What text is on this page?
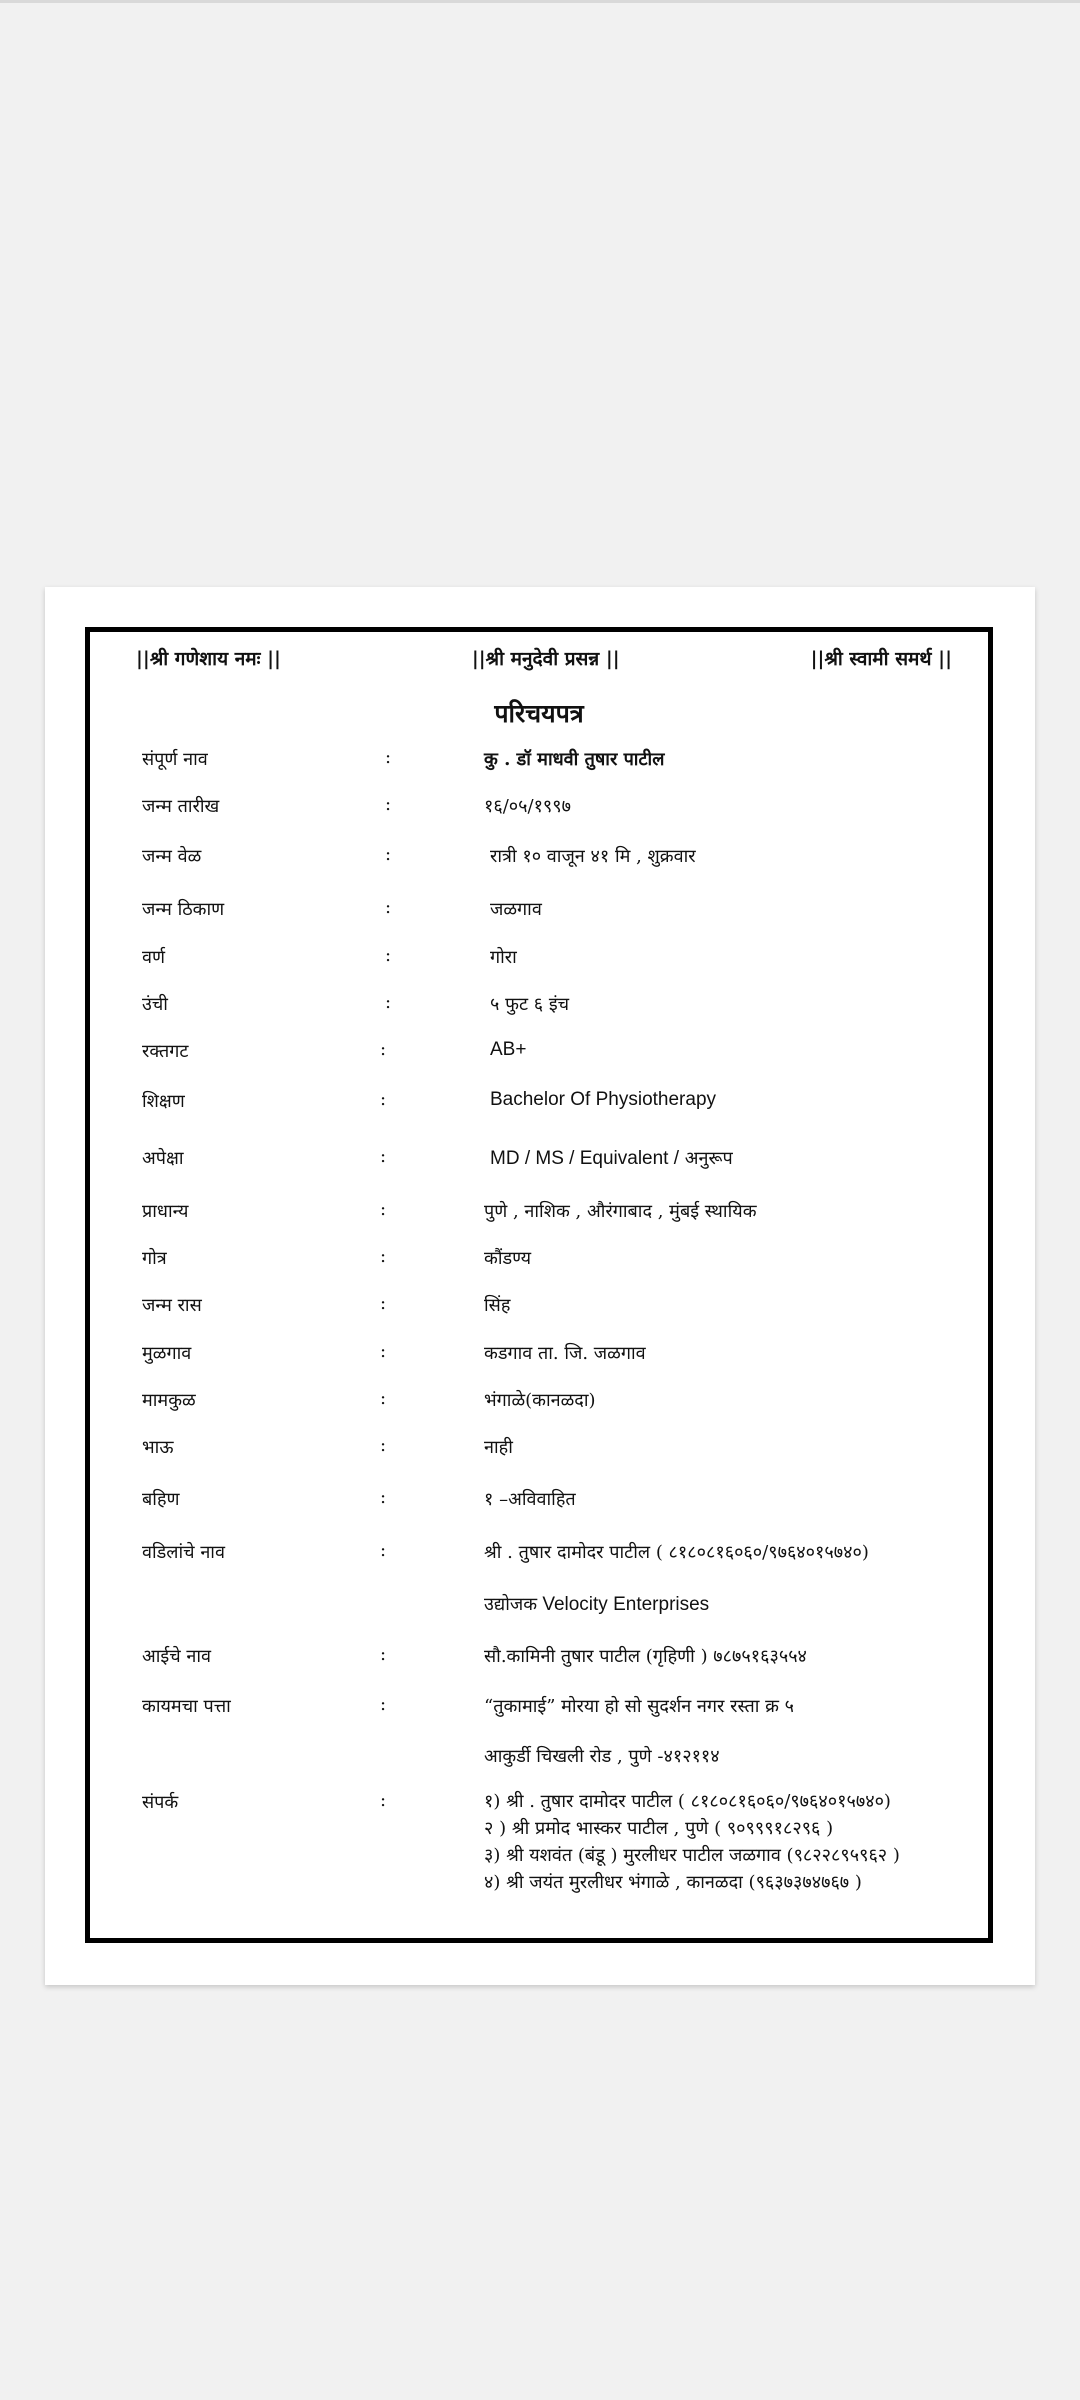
||श्री गणेशाय नमः ||	||श्री मनुदेवी प्रसन्न ||	||श्री स्वामी समर्थ ||
परिचयपत्र
संपूर्ण नाव	:	कु . डॉ माधवी तुषार पाटील
जन्म तारीख	:	१६/०५/१९९७
जन्म वेळ	:	रात्री १० वाजून ४१ मि , शुक्रवार
जन्म ठिकाण	:	जळगाव
वर्ण	:	गोरा
उंची	:	५ फुट ६ इंच
रक्तगट	:	AB+
शिक्षण	:	Bachelor Of Physiotherapy
अपेक्षा	:	MD / MS / Equivalent / अनुरूप
प्राधान्य	:	पुणे , नाशिक , औरंगाबाद , मुंबई स्थायिक
गोत्र	:	कौंडण्य
जन्म रास	:	सिंह
मुळगाव	:	कडगाव ता. जि. जळगाव
मामकुळ	:	भंगाळे(कानळदा)
भाऊ	:	नाही
बहिण	:	१ –अविवाहित
वडिलांचे नाव	:	श्री . तुषार दामोदर पाटील ( ८१८०८१६०६०/९७६४०१५७४०)
उद्योजक Velocity Enterprises
आईचे नाव	:	सौ.कामिनी तुषार पाटील (गृहिणी ) ७८७५१६३५५४
कायमचा पत्ता	:	“तुकामाई” मोरया हो सो सुदर्शन नगर रस्ता क्र ५
आकुर्डी चिखली रोड , पुणे -४१२११४
संपर्क	:	१) श्री . तुषार दामोदर पाटील ( ८१८०८१६०६०/९७६४०१५७४०)
२ ) श्री प्रमोद भास्कर पाटील , पुणे ( ९०९९९१८२९६ )
३) श्री यशवंत (बंडू ) मुरलीधर पाटील जळगाव (९८२२८९५९६२ )
४) श्री जयंत मुरलीधर भंगाळे , कानळदा (९६३७३७४७६७ )
